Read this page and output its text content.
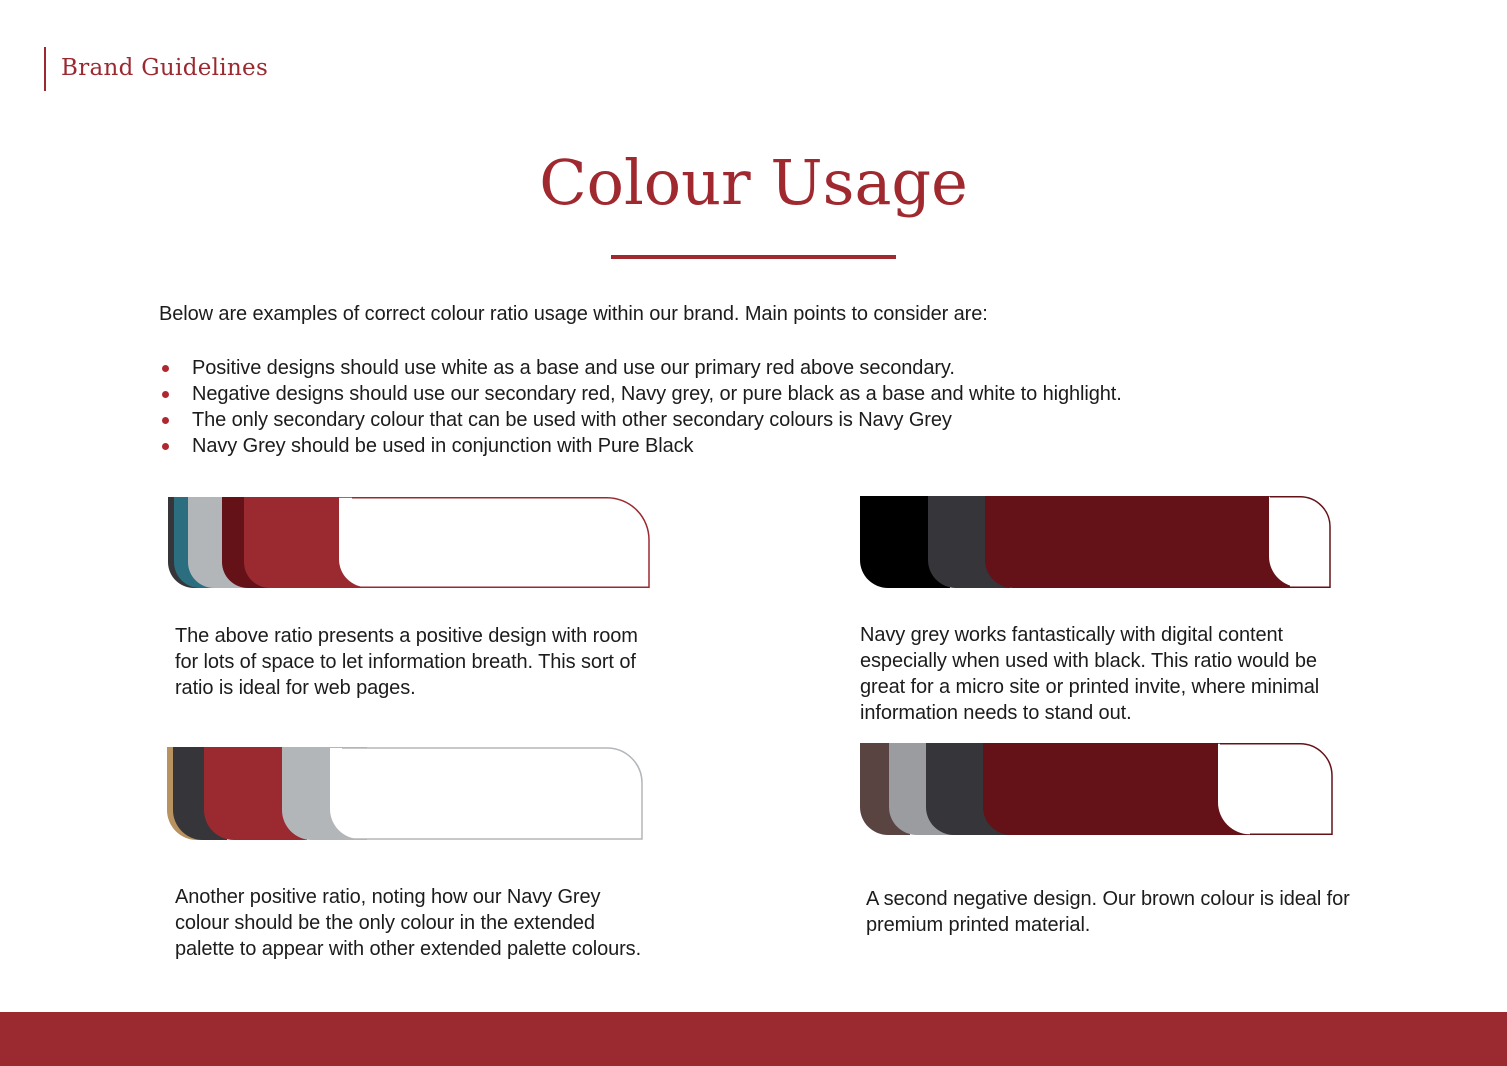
Brand Guidelines
Colour Usage
Below are examples of correct colour ratio usage within our brand. Main points to consider are:
Positive designs should use white as a base and use our primary red above secondary.
Negative designs should use our secondary red, Navy grey, or pure black as a base and white to highlight.
The only secondary colour that can be used with other secondary colours is Navy Grey
Navy Grey should be used in conjunction with Pure Black
The above ratio presents a positive design with room for lots of space to let information breath. This sort of ratio is ideal for web pages.
Navy grey works fantastically with digital content especially when used with black. This ratio would be great for a micro site or printed invite, where minimal information needs to stand out.
Another positive ratio, noting how our Navy Grey colour should be the only colour in the extended palette to appear with other extended palette colours.
A second negative design. Our brown colour is ideal for premium printed material.
